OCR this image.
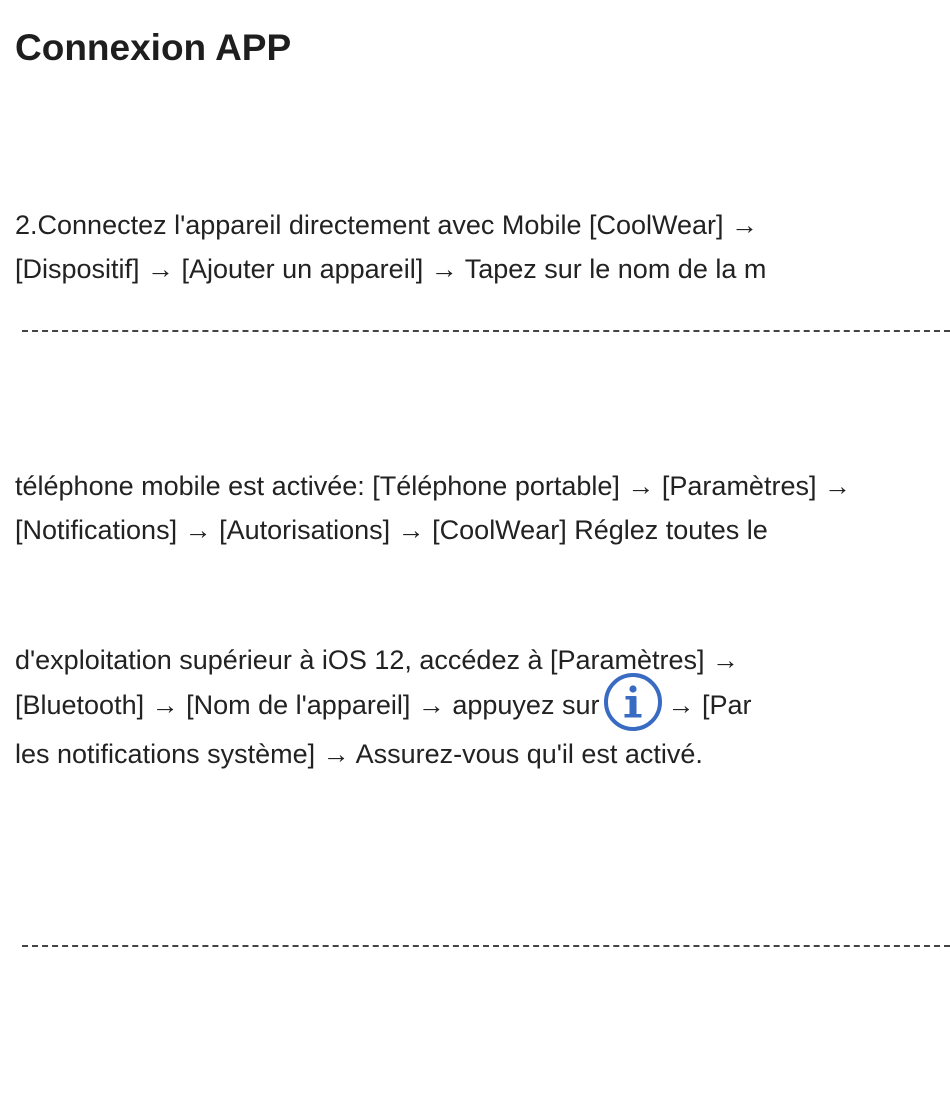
Connexion APP
2.Connectez l'appareil directement avec Mobile [CoolWear] →
[Dispositif] → [Ajouter un appareil] → Tapez sur le nom de la m
téléphone mobile est activée: [Téléphone portable] → [Paramètres] →
[Notifications] → [Autorisations] → [CoolWear] Réglez toutes le
d'exploitation supérieur à iOS 12, accédez à [Paramètres] →
[Bluetooth] → [Nom de l'appareil] → appuyez sur	→ [Par
les notifications système] → Assurez-vous qu'il est activé.
